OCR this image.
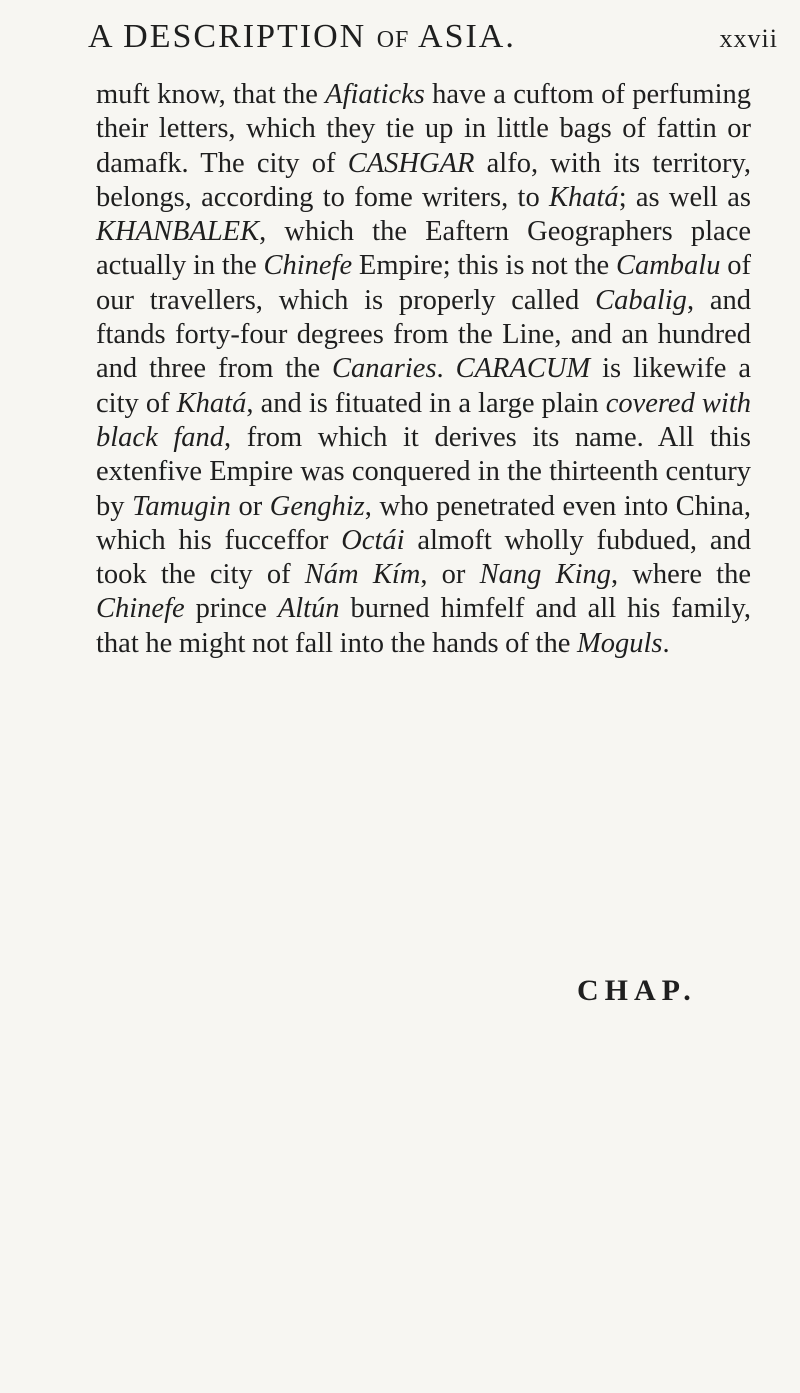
A DESCRIPTION OF ASIA.	xxvii

muft know, that the Afiaticks have a cuftom of perfuming their letters, which they tie up in little bags of fattin or damafk. The city of CASHGAR alfo, with its territory, belongs, according to fome writers, to Khatá; as well as KHANBALEK, which the Eaftern Geographers place actually in the Chinefe Empire; this is not the Cambalu of our travellers, which is properly called Cabalig, and ftands forty-four degrees from the Line, and an hundred and three from the Canaries. CARACUM is likewife a city of Khatá, and is fituated in a large plain covered with black fand, from which it derives its name. All this extenfive Empire was conquered in the thirteenth century by Tamugin or Genghiz, who penetrated even into China, which his fucceffor Octái almoft wholly fubdued, and took the city of Nám Kím, or Nang King, where the Chinefe prince Altún burned himfelf and all his family, that he might not fall into the hands of the Moguls.

CHAP.
